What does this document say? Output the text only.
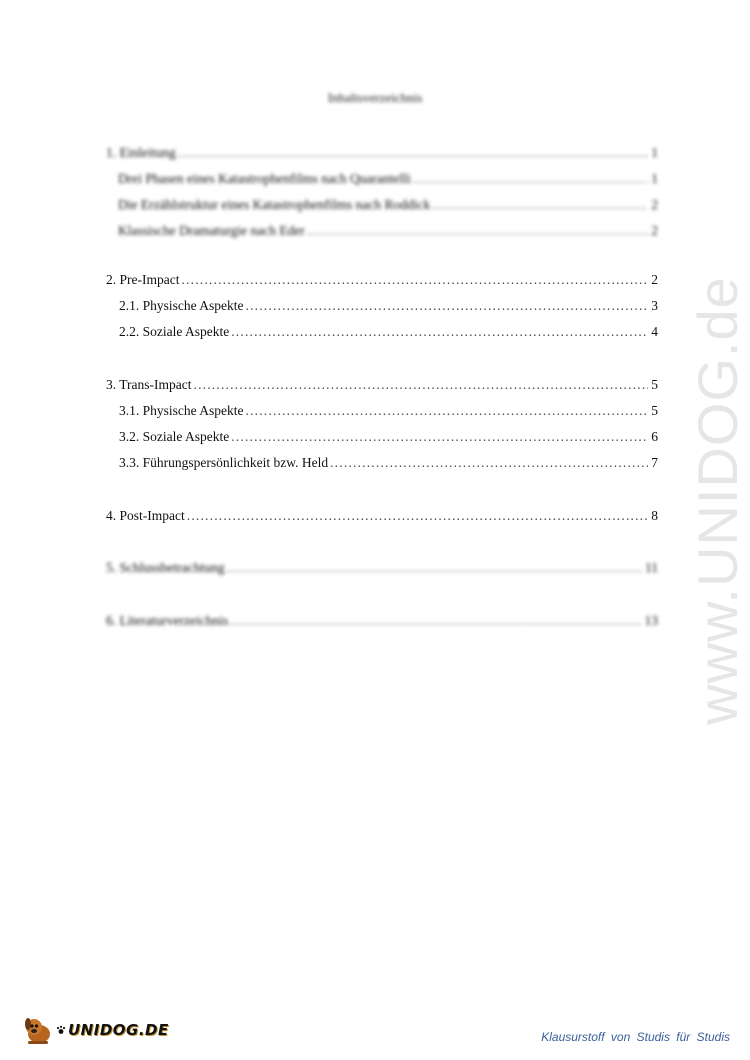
www.UNIDOG.de
Inhaltsverzeichnis
1. Einleitung .....	1
Drei Phasen eines Katastrophenfilms nach Quarantelli .....	1
Die Erzählstruktur eines Katastrophenfilms nach Roddick .....	2
Klassische Dramaturgie nach Eder .....	2
2. Pre-Impact .....	2
2.1. Physische Aspekte .....	3
2.2. Soziale Aspekte .....	4
3. Trans-Impact .....	5
3.1. Physische Aspekte .....	5
3.2. Soziale Aspekte .....	6
3.3. Führungspersönlichkeit bzw. Held .....	7
4. Post-Impact .....	8
5. Schlussbetrachtung .....	11
6. Literaturverzeichnis .....	13
UNIDOG.DE	Klausurstoff von Studis für Studis
